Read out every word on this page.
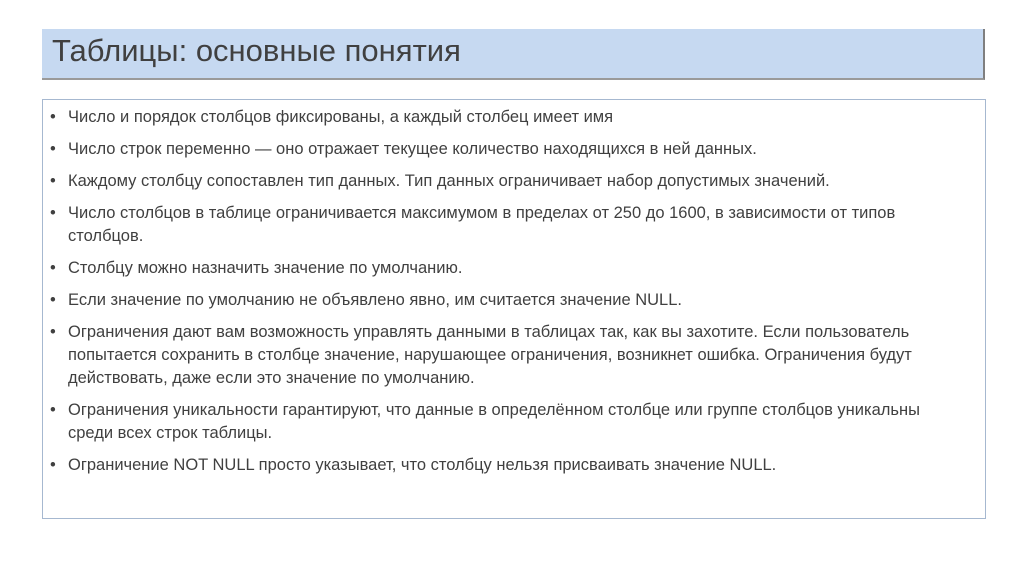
Таблицы: основные понятия
• Число и порядок столбцов фиксированы, а каждый столбец имеет имя
• Число строк переменно — оно отражает текущее количество находящихся в ней данных.
• Каждому столбцу сопоставлен тип данных. Тип данных ограничивает набор допустимых значений.
• Число столбцов в таблице ограничивается максимумом в пределах от 250 до 1600, в зависимости от типов столбцов.
• Столбцу можно назначить значение по умолчанию.
• Если значение по умолчанию не объявлено явно, им считается значение NULL.
• Ограничения дают вам возможность управлять данными в таблицах так, как вы захотите. Если пользователь попытается сохранить в столбце значение, нарушающее ограничения, возникнет ошибка. Ограничения будут действовать, даже если это значение по умолчанию.
• Ограничения уникальности гарантируют, что данные в определённом столбце или группе столбцов уникальны среди всех строк таблицы.
• Ограничение NOT NULL просто указывает, что столбцу нельзя присваивать значение NULL.
